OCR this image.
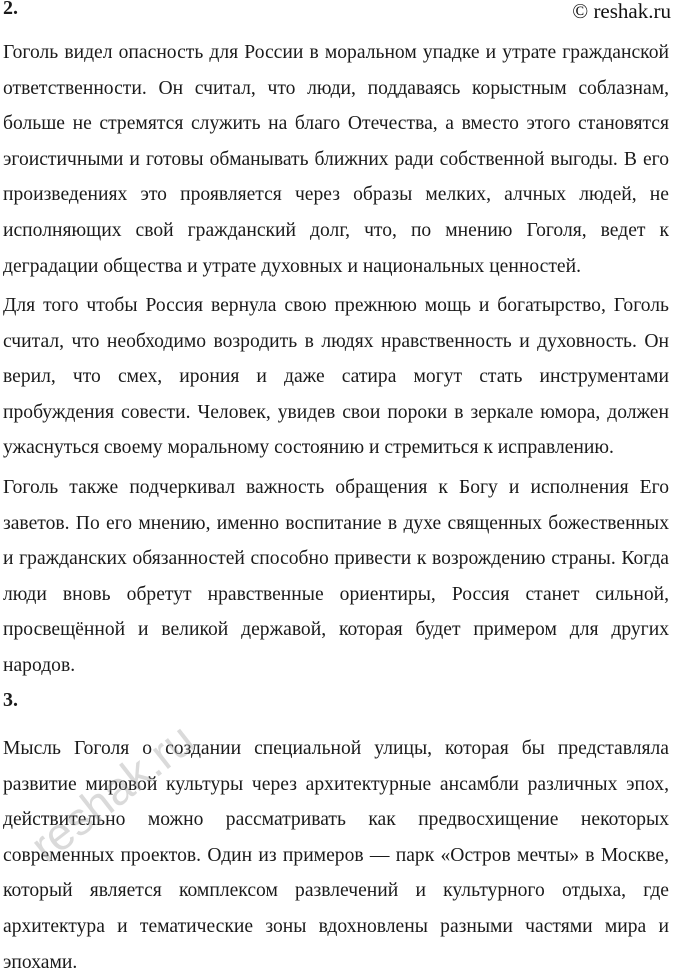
2.	© reshak.ru

Гоголь видел опасность для России в моральном упадке и утрате гражданской ответственности. Он считал, что люди, поддаваясь корыстным соблазнам, больше не стремятся служить на благо Отечества, а вместо этого становятся эгоистичными и готовы обманывать ближних ради собственной выгоды. В его произведениях это проявляется через образы мелких, алчных людей, не исполняющих свой гражданский долг, что, по мнению Гоголя, ведет к деградации общества и утрате духовных и национальных ценностей.

Для того чтобы Россия вернула свою прежнюю мощь и богатырство, Гоголь считал, что необходимо возродить в людях нравственность и духовность. Он верил, что смех, ирония и даже сатира могут стать инструментами пробуждения совести. Человек, увидев свои пороки в зеркале юмора, должен ужаснуться своему моральному состоянию и стремиться к исправлению.

Гоголь также подчеркивал важность обращения к Богу и исполнения Его заветов. По его мнению, именно воспитание в духе священных божественных и гражданских обязанностей способно привести к возрождению страны. Когда люди вновь обретут нравственные ориентиры, Россия станет сильной, просвещённой и великой державой, которая будет примером для других народов.

3.

Мысль Гоголя о создании специальной улицы, которая бы представляла развитие мировой культуры через архитектурные ансамбли различных эпох, действительно можно рассматривать как предвосхищение некоторых современных проектов. Один из примеров — парк «Остров мечты» в Москве, который является комплексом развлечений и культурного отдыха, где архитектура и тематические зоны вдохновлены разными частями мира и эпохами.

reshak.ru
